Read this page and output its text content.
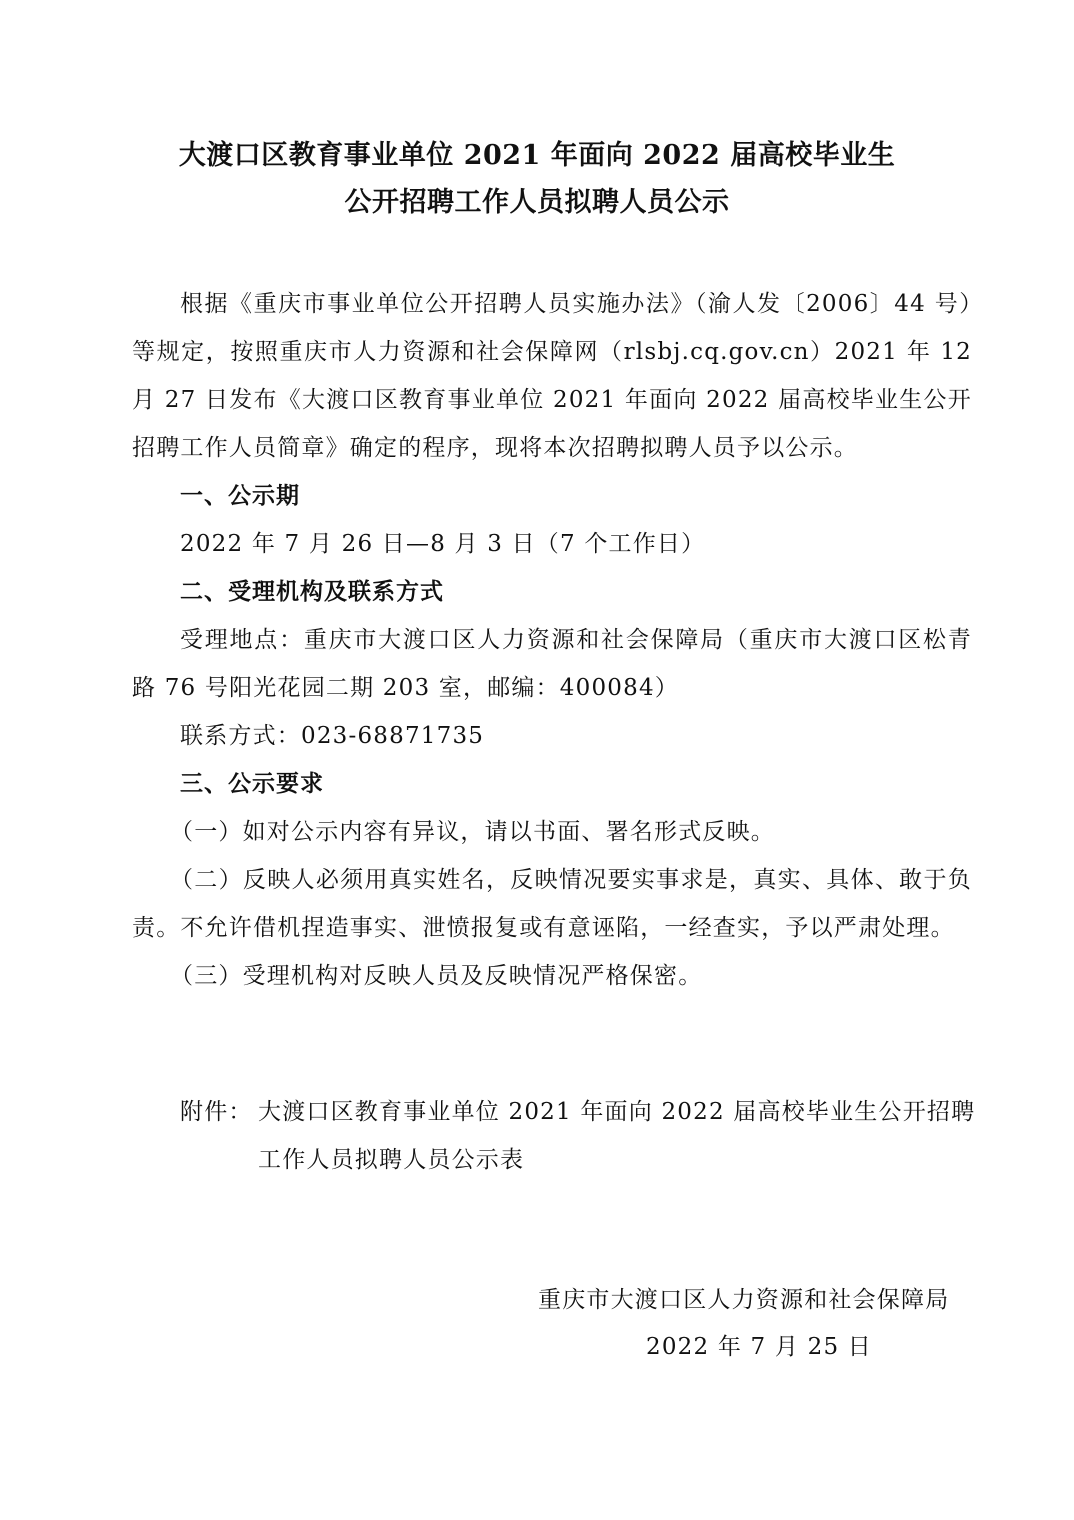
大渡口区教育事业单位 2021 年面向 2022 届高校毕业生
公开招聘工作人员拟聘人员公示

根据《重庆市事业单位公开招聘人员实施办法》（渝人发〔2006〕44 号）等规定，按照重庆市人力资源和社会保障网（rlsbj.cq.gov.cn）2021 年 12 月 27 日发布《大渡口区教育事业单位 2021 年面向 2022 届高校毕业生公开招聘工作人员简章》确定的程序，现将本次招聘拟聘人员予以公示。

一、公示期

2022 年 7 月 26 日—8 月 3 日（7 个工作日）

二、受理机构及联系方式

受理地点：重庆市大渡口区人力资源和社会保障局（重庆市大渡口区松青路 76 号阳光花园二期 203 室，邮编：400084）

联系方式：023-68871735

三、公示要求

（一）如对公示内容有异议，请以书面、署名形式反映。

（二）反映人必须用真实姓名，反映情况要实事求是，真实、具体、敢于负责。不允许借机捏造事实、泄愤报复或有意诬陷，一经查实，予以严肃处理。

（三）受理机构对反映人员及反映情况严格保密。

附件： 大渡口区教育事业单位 2021 年面向 2022 届高校毕业生公开招聘
工作人员拟聘人员公示表
重庆市大渡口区人力资源和社会保障局
2022 年 7 月 25 日
